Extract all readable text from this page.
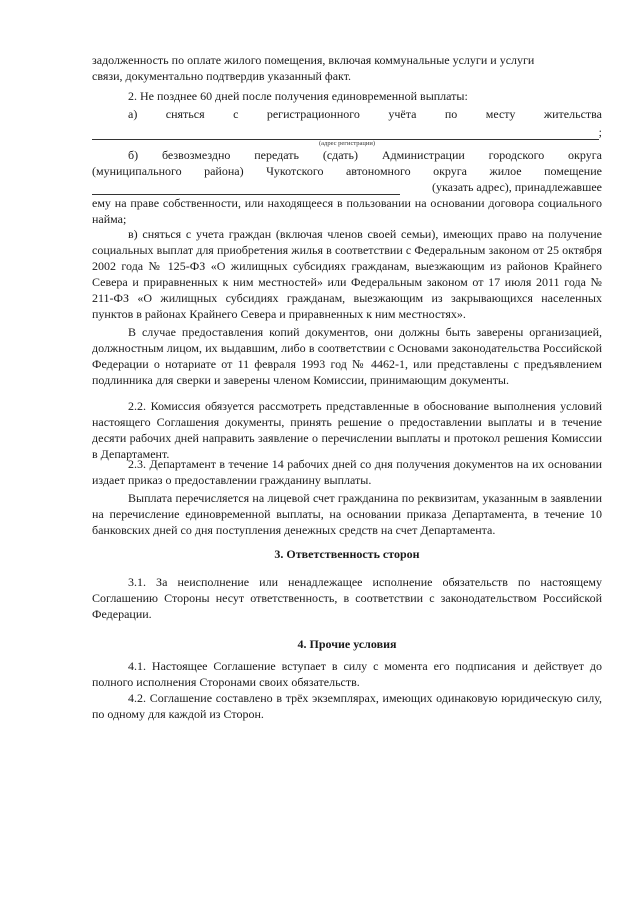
задолженность по оплате жилого помещения, включая коммунальные услуги и услуги

связи, документально подтвердив указанный факт.

2. Не позднее 60 дней после получения единовременной выплаты:

а) сняться с регистрационного учёта по месту жительства
;
(адрес регистрации)
б) безвозмездно передать (сдать) Администрации городского округа
(муниципального района) Чукотского автономного округа жилое помещение
(указать адрес), принадлежавшее

ему на праве собственности, или находящееся в пользовании на основании договора социального найма;

в) сняться с учета граждан (включая членов своей семьи), имеющих право на получение социальных выплат для приобретения жилья в соответствии с Федеральным законом от 25 октября 2002 года № 125-ФЗ «О жилищных субсидиях гражданам, выезжающим из районов Крайнего Севера и приравненных к ним местностей» или Федеральным законом от 17 июля 2011 года № 211-ФЗ «О жилищных субсидиях гражданам, выезжающим из закрывающихся населенных пунктов в районах Крайнего Севера и приравненных к ним местностях».

В случае предоставления копий документов, они должны быть заверены организацией, должностным лицом, их выдавшим, либо в соответствии с Основами законодательства Российской Федерации о нотариате от 11 февраля 1993 год № 4462-1, или представлены с предъявлением подлинника для сверки и заверены членом Комиссии, принимающим документы.

2.2. Комиссия обязуется рассмотреть представленные в обоснование выполнения условий настоящего Соглашения документы, принять решение о предоставлении выплаты и в течение десяти рабочих дней направить заявление о перечислении выплаты и протокол решения Комиссии в Департамент.

2.3. Департамент в течение 14 рабочих дней со дня получения документов на их основании издает приказ о предоставлении гражданину выплаты.

Выплата перечисляется на лицевой счет гражданина по реквизитам, указанным в заявлении на перечисление единовременной выплаты, на основании приказа Департамента, в течение 10 банковских дней со дня поступления денежных средств на счет Департамента.

3. Ответственность сторон

3.1. За неисполнение или ненадлежащее исполнение обязательств по настоящему Соглашению Стороны несут ответственность, в соответствии с законодательством Российской Федерации.

4. Прочие условия

4.1. Настоящее Соглашение вступает в силу с момента его подписания и действует до полного исполнения Сторонами своих обязательств.

4.2. Соглашение составлено в трёх экземплярах, имеющих одинаковую юридическую силу, по одному для каждой из Сторон.
